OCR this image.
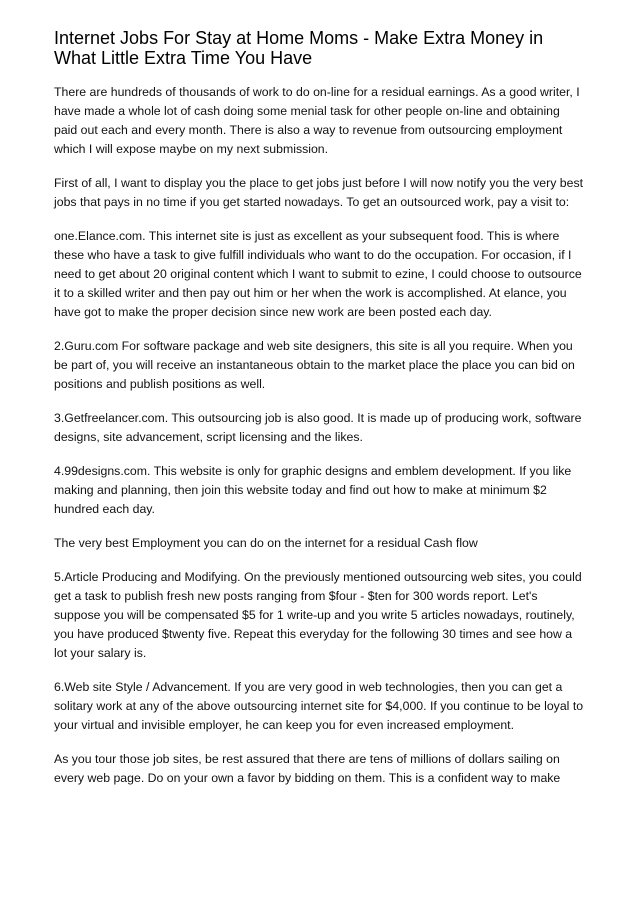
Internet Jobs For Stay at Home Moms - Make Extra Money in What Little Extra Time You Have

There are hundreds of thousands of work to do on-line for a residual earnings. As a good writer, I have made a whole lot of cash doing some menial task for other people on-line and obtaining paid out each and every month. There is also a way to revenue from outsourcing employment which I will expose maybe on my next submission.

First of all, I want to display you the place to get jobs just before I will now notify you the very best jobs that pays in no time if you get started nowadays. To get an outsourced work, pay a visit to:

one.Elance.com. This internet site is just as excellent as your subsequent food. This is where these who have a task to give fulfill individuals who want to do the occupation. For occasion, if I need to get about 20 original content which I want to submit to ezine, I could choose to outsource it to a skilled writer and then pay out him or her when the work is accomplished. At elance, you have got to make the proper decision since new work are been posted each day.

2.Guru.com For software package and web site designers, this site is all you require. When you be part of, you will receive an instantaneous obtain to the market place the place you can bid on positions and publish positions as well.

3.Getfreelancer.com. This outsourcing job is also good. It is made up of producing work, software designs, site advancement, script licensing and the likes.

4.99designs.com. This website is only for graphic designs and emblem development. If you like making and planning, then join this website today and find out how to make at minimum $2 hundred each day.

The very best Employment you can do on the internet for a residual Cash flow

5.Article Producing and Modifying. On the previously mentioned outsourcing web sites, you could get a task to publish fresh new posts ranging from $four - $ten for 300 words report. Let's suppose you will be compensated $5 for 1 write-up and you write 5 articles nowadays, routinely, you have produced $twenty five. Repeat this everyday for the following 30 times and see how a lot your salary is.

6.Web site Style / Advancement. If you are very good in web technologies, then you can get a solitary work at any of the above outsourcing internet site for $4,000. If you continue to be loyal to your virtual and invisible employer, he can keep you for even increased employment.

As you tour those job sites, be rest assured that there are tens of millions of dollars sailing on every web page. Do on your own a favor by bidding on them. This is a confident way to make
